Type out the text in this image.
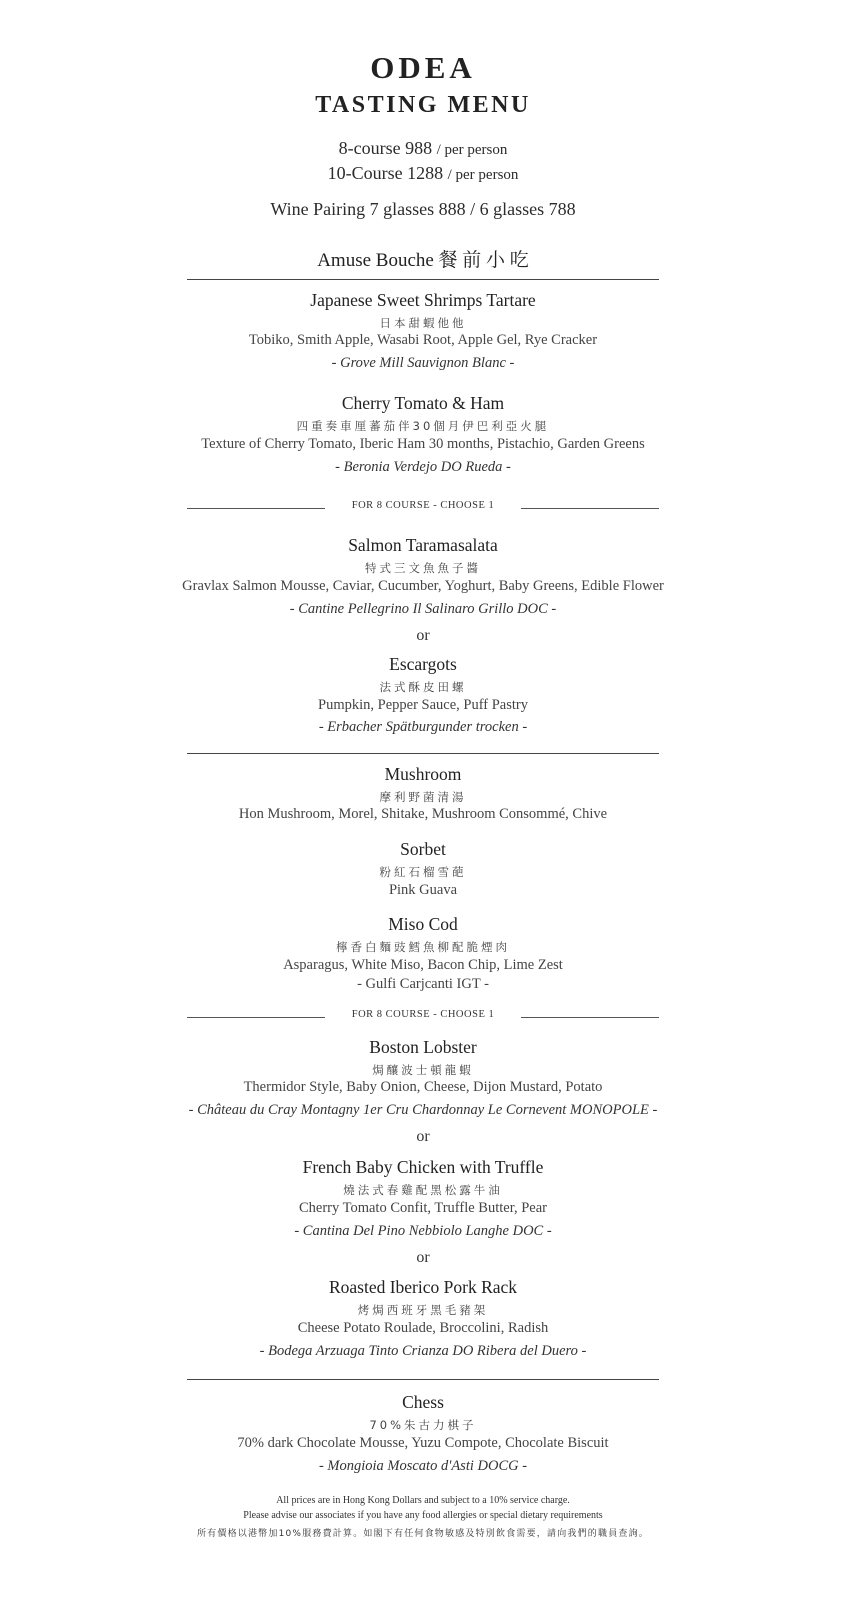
ODEA
TASTING MENU
8-course 988 / per person
10-Course 1288 / per person
Wine Pairing 7 glasses 888 / 6 glasses 788
Amuse Bouche 餐 前 小 吃
Japanese Sweet Shrimps Tartare
日本甜蝦他他
Tobiko, Smith Apple, Wasabi Root, Apple Gel, Rye Cracker
- Grove Mill Sauvignon Blanc -
Cherry Tomato & Ham
四重奏車厘蕃茄伴30個月伊巴利亞火腿
Texture of Cherry Tomato, Iberic Ham 30 months, Pistachio, Garden Greens
- Beronia Verdejo DO Rueda -
FOR 8 COURSE - CHOOSE 1
Salmon Taramasalata
特式三文魚魚子醬
Gravlax Salmon Mousse, Caviar, Cucumber, Yoghurt, Baby Greens, Edible Flower
- Cantine Pellegrino Il Salinaro Grillo DOC -
or
Escargots
法式酥皮田螺
Pumpkin, Pepper Sauce, Puff Pastry
- Erbacher Spätburgunder trocken -
Mushroom
摩利野菌清湯
Hon Mushroom, Morel, Shitake, Mushroom Consommé, Chive
Sorbet
粉紅石榴雪葩
Pink Guava
Miso Cod
檸香白麵豉鱈魚柳配脆煙肉
Asparagus, White Miso, Bacon Chip, Lime Zest
- Gulfi Carjcanti IGT -
FOR 8 COURSE - CHOOSE 1
Boston Lobster
焗釀波士頓龍蝦
Thermidor Style, Baby Onion, Cheese, Dijon Mustard, Potato
- Château du Cray Montagny 1er Cru Chardonnay Le Cornevent MONOPOLE -
or
French Baby Chicken with Truffle
燒法式春雞配黑松露牛油
Cherry Tomato Confit, Truffle Butter, Pear
- Cantina Del Pino Nebbiolo Langhe DOC -
or
Roasted Iberico Pork Rack
烤焗西班牙黑毛豬架
Cheese Potato Roulade, Broccolini, Radish
- Bodega Arzuaga Tinto Crianza DO Ribera del Duero -
Chess
70%朱古力棋子
70% dark Chocolate Mousse, Yuzu Compote, Chocolate Biscuit
- Mongioia Moscato d'Asti DOCG -
All prices are in Hong Kong Dollars and subject to a 10% service charge.
Please advise our associates if you have any food allergies or special dietary requirements
所有價格以港幣加10%服務費計算。如閣下有任何食物敏感及特別飲食需要，請向我們的職員查詢。
